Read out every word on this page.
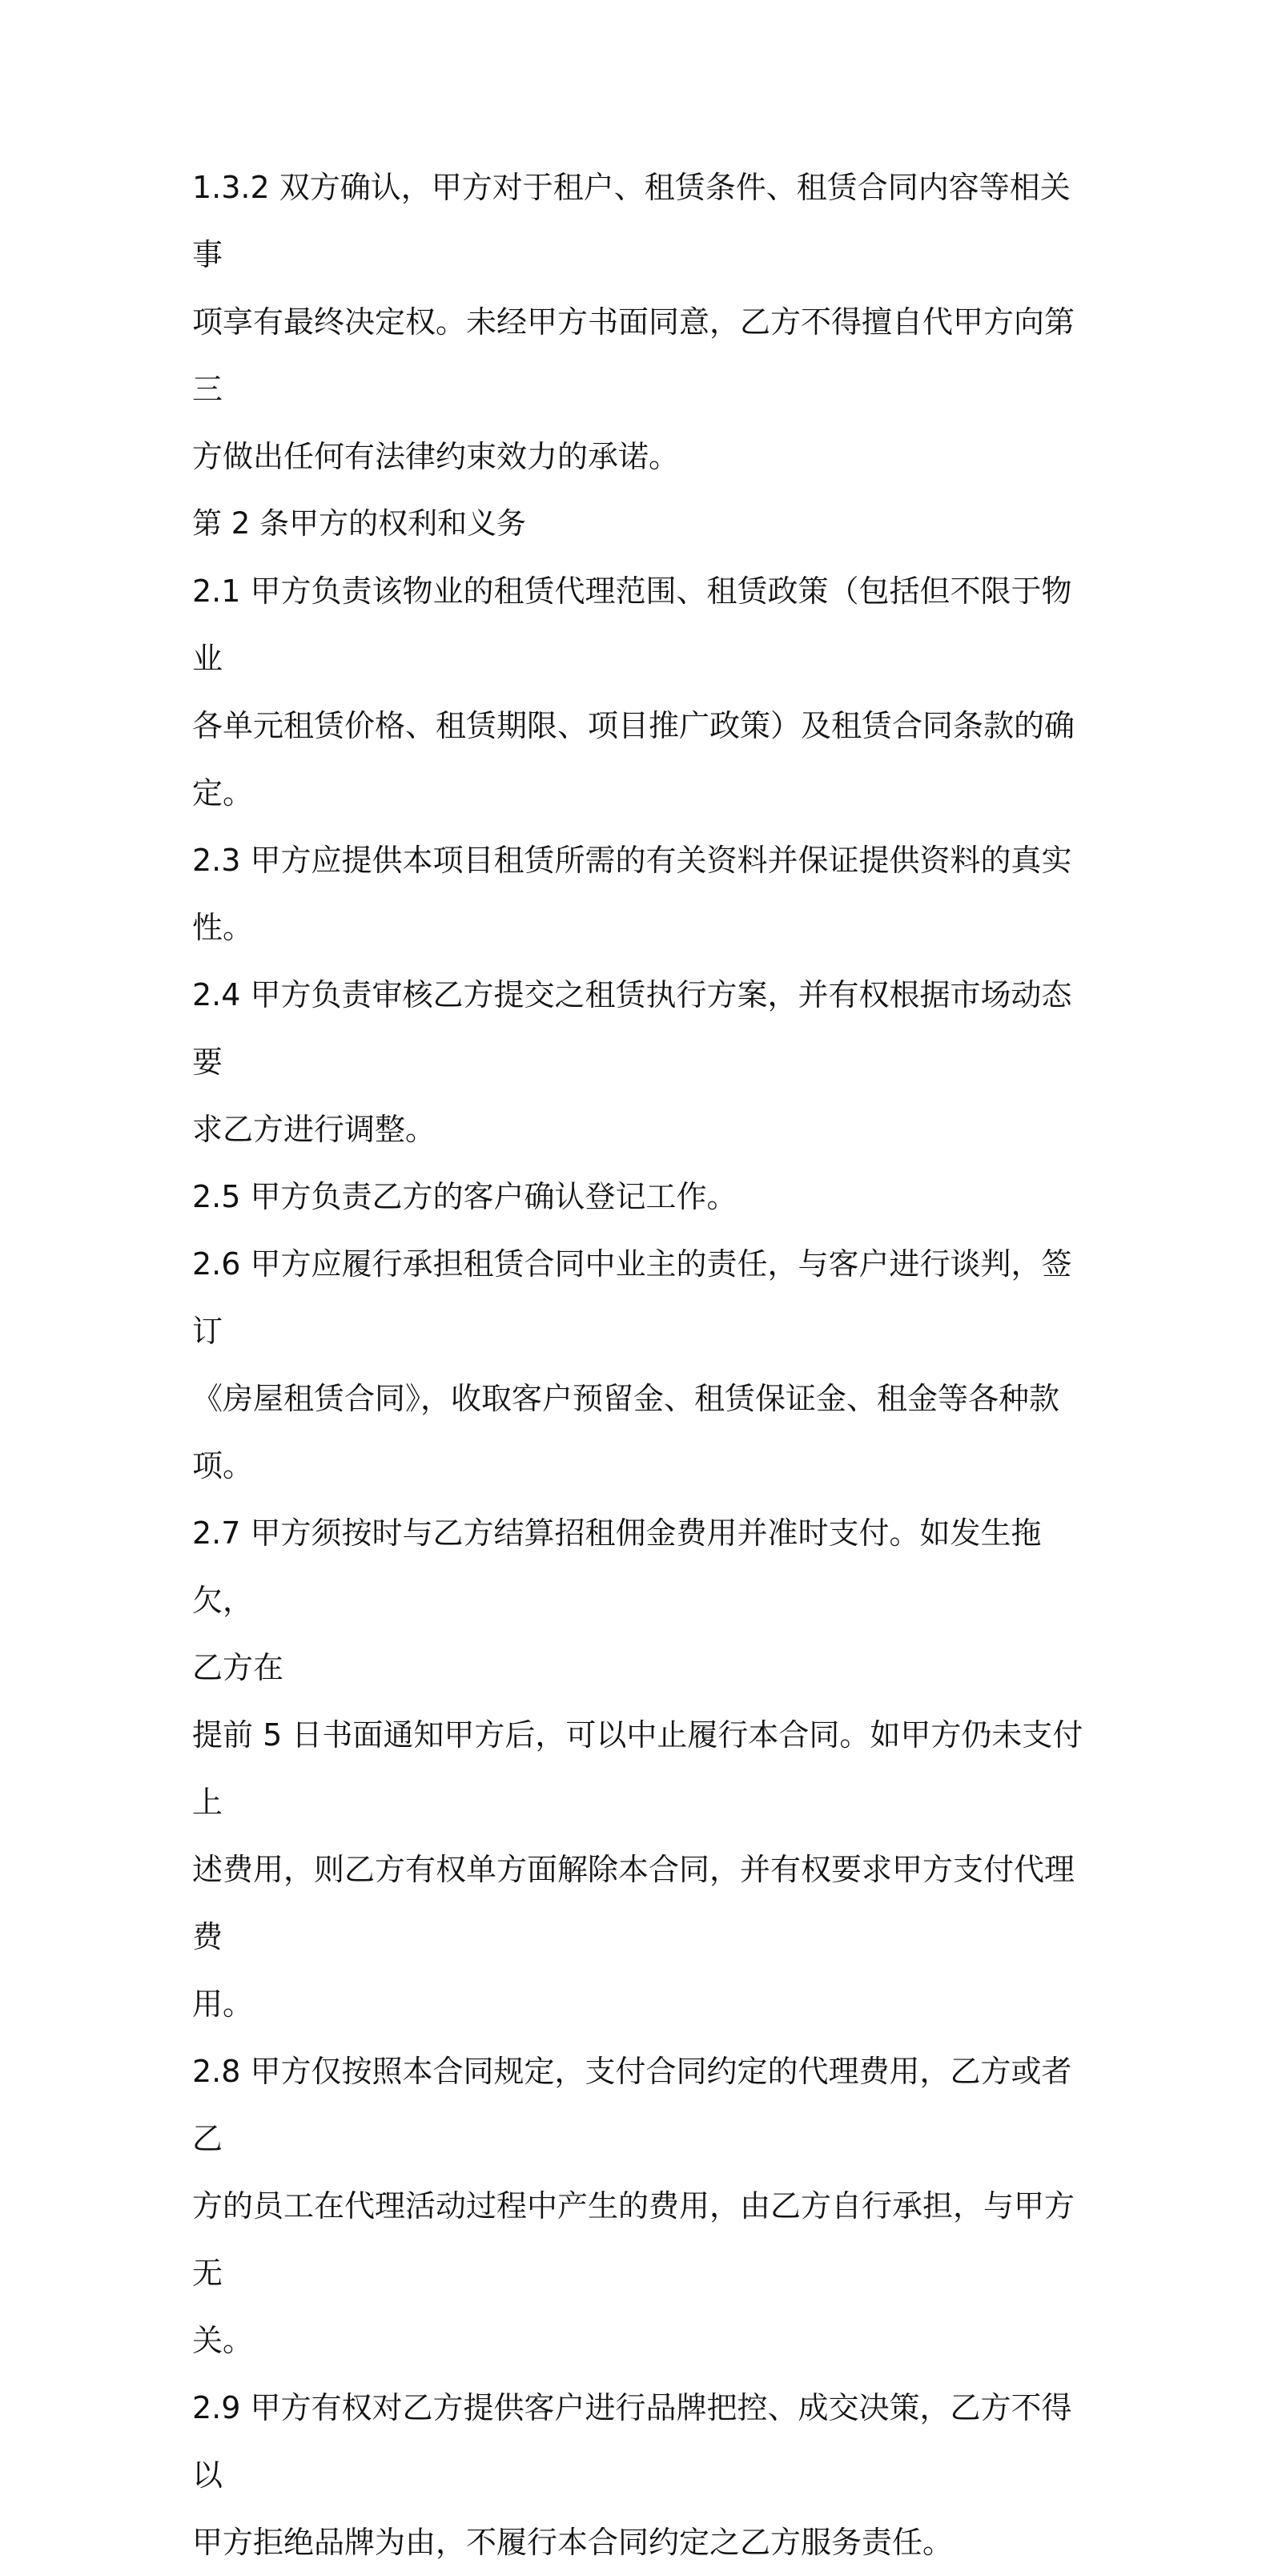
1.3.2 双方确认，甲方对于租户、租赁条件、租赁合同内容等相关事
项享有最终决定权。未经甲方书面同意，乙方不得擅自代甲方向第三
方做出任何有法律约束效力的承诺。

第 2 条甲方的权利和义务

2.1 甲方负责该物业的租赁代理范围、租赁政策（包括但不限于物业
各单元租赁价格、租赁期限、项目推广政策）及租赁合同条款的确定。

2.3 甲方应提供本项目租赁所需的有关资料并保证提供资料的真实性。

2.4 甲方负责审核乙方提交之租赁执行方案，并有权根据市场动态要
求乙方进行调整。

2.5 甲方负责乙方的客户确认登记工作。

2.6 甲方应履行承担租赁合同中业主的责任，与客户进行谈判，签订
《房屋租赁合同》，收取客户预留金、租赁保证金、租金等各种款项。

2.7 甲方须按时与乙方结算招租佣金费用并准时支付。如发生拖欠，
乙方在

提前 5 日书面通知甲方后，可以中止履行本合同。如甲方仍未支付上
述费用，则乙方有权单方面解除本合同，并有权要求甲方支付代理费
用。

2.8 甲方仅按照本合同规定，支付合同约定的代理费用，乙方或者乙
方的员工在代理活动过程中产生的费用，由乙方自行承担，与甲方无
关。

2.9 甲方有权对乙方提供客户进行品牌把控、成交决策，乙方不得以
甲方拒绝品牌为由，不履行本合同约定之乙方服务责任。
